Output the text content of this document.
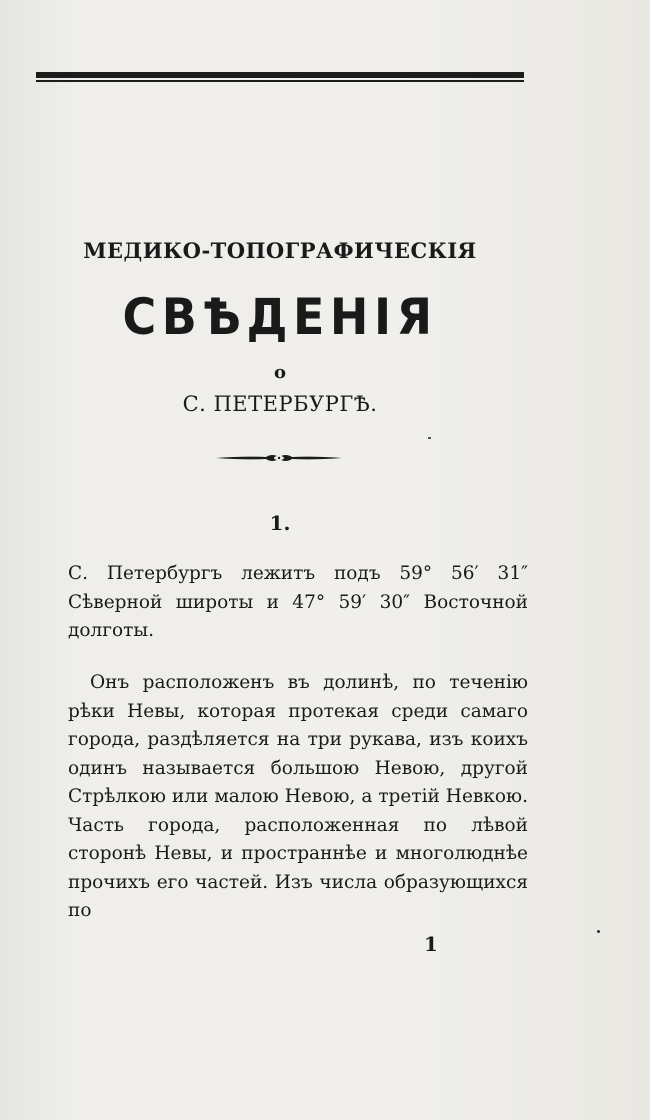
МЕДИКО-ТОПОГРАФИЧЕСКІЯ
СВѢДЕНІЯ
о
С. ПЕТЕРБУРГѢ.
1.

С. Петербургъ лежитъ подъ 59° 56′ 31″ Сѣверной широты и 47° 59′ 30″ Восточной долготы.

Онъ расположенъ въ долинѣ, по теченію рѣки Невы, которая протекая среди самаго города, раздѣляется на три рукава, изъ коихъ одинъ называется большою Невою, другой Стрѣлкою или малою Невою, а третій Невкою. Часть города, расположенная по лѣвой сторонѣ Невы, и пространнѣе и многолюднѣе прочихъ его частей. Изъ числа образующихся по

1
